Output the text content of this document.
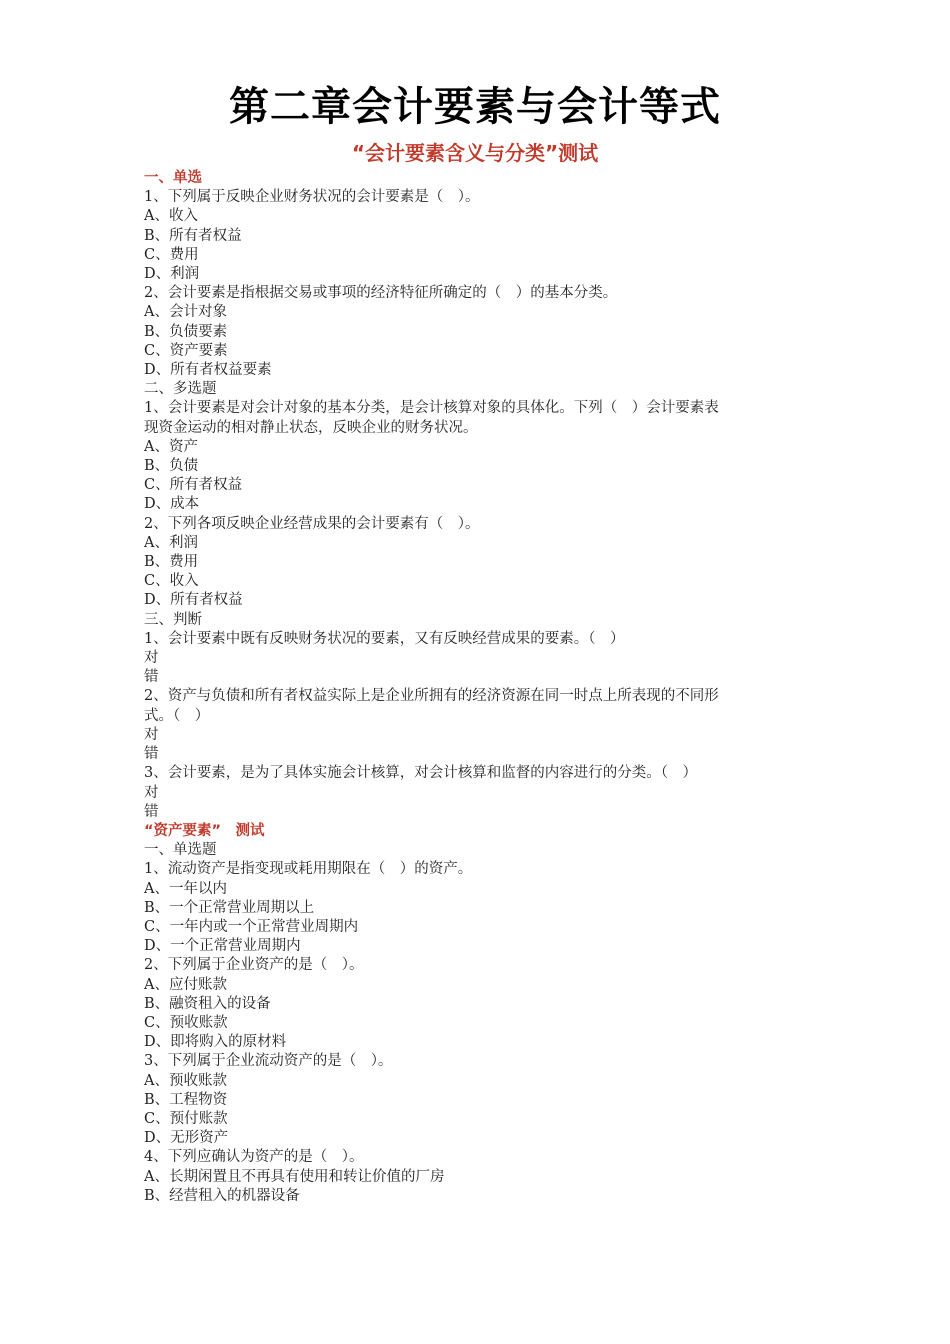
第二章会计要素与会计等式
“会计要素含义与分类”测试

一、单选

1、下列属于反映企业财务状况的会计要素是（　）。

A、收入

B、所有者权益

C、费用

D、利润

2、会计要素是指根据交易或事项的经济特征所确定的（　）的基本分类。

A、会计对象

B、负债要素

C、资产要素

D、所有者权益要素

二、多选题

1、会计要素是对会计对象的基本分类，是会计核算对象的具体化。下列（　）会计要素表

现资金运动的相对静止状态，反映企业的财务状况。

A、资产

B、负债

C、所有者权益

D、成本

2、下列各项反映企业经营成果的会计要素有（　）。

A、利润

B、费用

C、收入

D、所有者权益

三、判断

1、会计要素中既有反映财务状况的要素，又有反映经营成果的要素。（　）

对

错

2、资产与负债和所有者权益实际上是企业所拥有的经济资源在同一时点上所表现的不同形

式。（　）

对

错

3、会计要素，是为了具体实施会计核算，对会计核算和监督的内容进行的分类。（　）

对

错

“资产要素”　测试

一、单选题

1、流动资产是指变现或耗用期限在（　）的资产。

A、一年以内

B、一个正常营业周期以上

C、一年内或一个正常营业周期内

D、一个正常营业周期内

2、下列属于企业资产的是（　）。

A、应付账款

B、融资租入的设备

C、预收账款

D、即将购入的原材料

3、下列属于企业流动资产的是（　）。

A、预收账款

B、工程物资

C、预付账款

D、无形资产

4、下列应确认为资产的是（　）。

A、长期闲置且不再具有使用和转让价值的厂房

B、经营租入的机器设备
